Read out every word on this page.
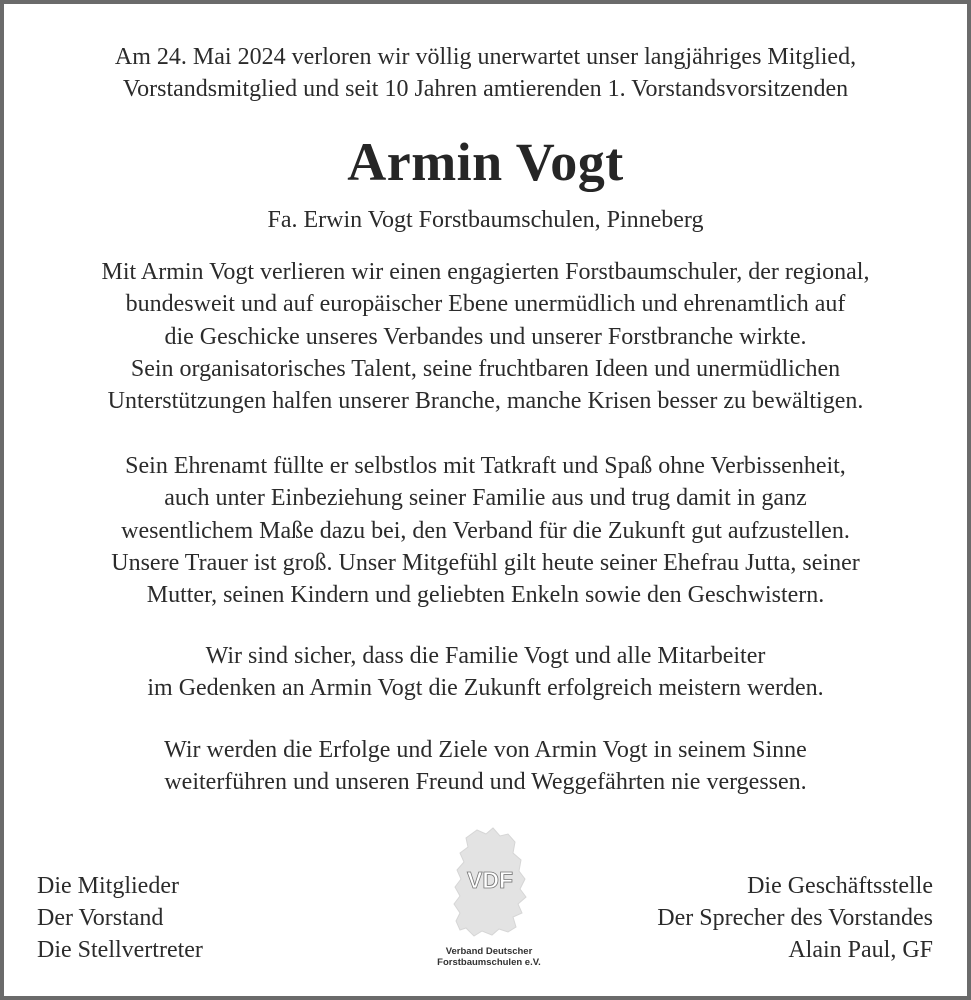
Am 24. Mai 2024 verloren wir völlig unerwartet unser langjähriges Mitglied,
Vorstandsmitglied und seit 10 Jahren amtierenden 1. Vorstandsvorsitzenden
Armin Vogt
Fa. Erwin Vogt Forstbaumschulen, Pinneberg
Mit Armin Vogt verlieren wir einen engagierten Forstbaumschuler, der regional,
bundesweit und auf europäischer Ebene unermüdlich und ehrenamtlich auf
die Geschicke unseres Verbandes und unserer Forstbranche wirkte.
Sein organisatorisches Talent, seine fruchtbaren Ideen und unermüdlichen
Unterstützungen halfen unserer Branche, manche Krisen besser zu bewältigen.
Sein Ehrenamt füllte er selbstlos mit Tatkraft und Spaß ohne Verbissenheit,
auch unter Einbeziehung seiner Familie aus und trug damit in ganz
wesentlichem Maße dazu bei, den Verband für die Zukunft gut aufzustellen.
Unsere Trauer ist groß. Unser Mitgefühl gilt heute seiner Ehefrau Jutta, seiner
Mutter, seinen Kindern und geliebten Enkeln sowie den Geschwistern.
Wir sind sicher, dass die Familie Vogt und alle Mitarbeiter
im Gedenken an Armin Vogt die Zukunft erfolgreich meistern werden.
Wir werden die Erfolge und Ziele von Armin Vogt in seinem Sinne
weiterführen und unseren Freund und Weggefährten nie vergessen.
Die Mitglieder
Der Vorstand
Die Stellvertreter
VDF
Verband Deutscher
Forstbaumschulen e.V.
Die Geschäftsstelle
Der Sprecher des Vorstandes
Alain Paul, GF
